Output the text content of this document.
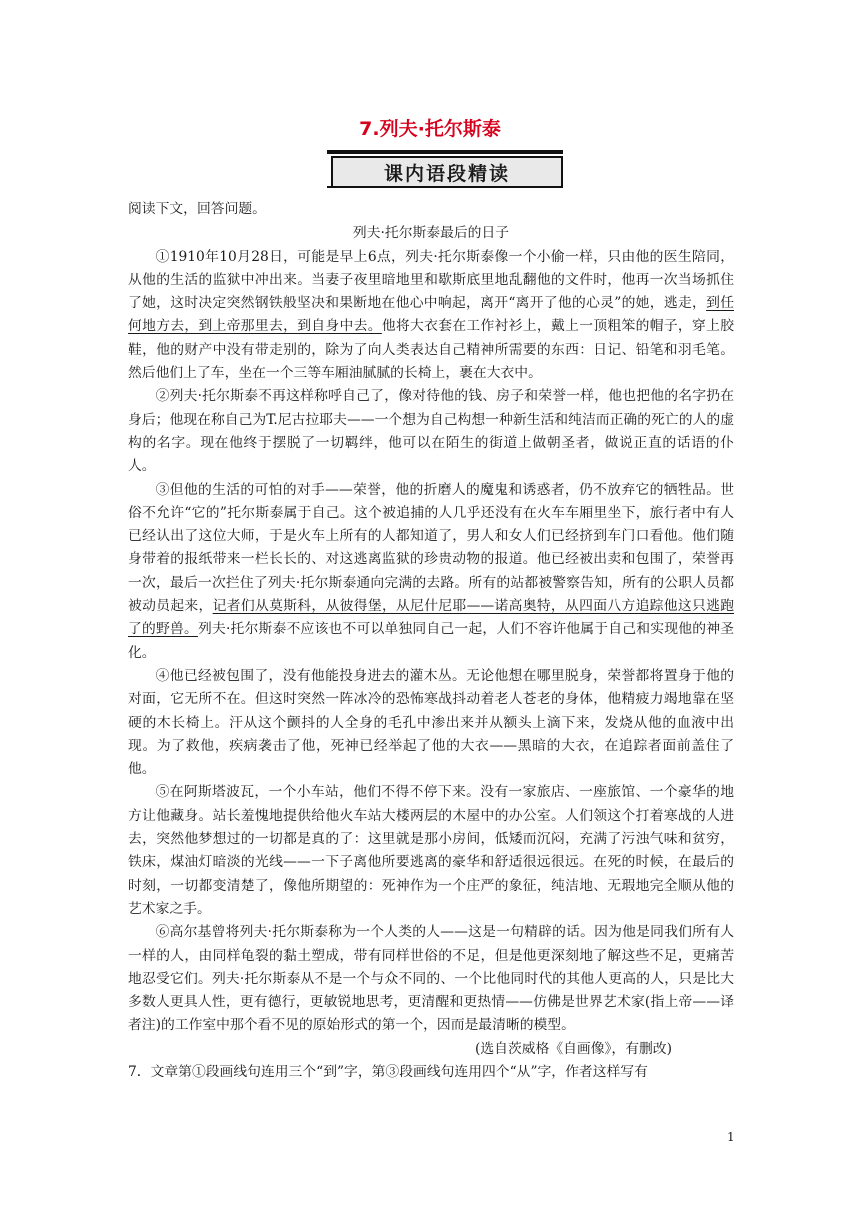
7.列夫·托尔斯泰
课内语段精读

阅读下文，回答问题。

列夫·托尔斯泰最后的日子

①1910年10月28日，可能是早上6点，列夫·托尔斯泰像一个小偷一样，只由他的医生陪同，从他的生活的监狱中冲出来。当妻子夜里暗地里和歇斯底里地乱翻他的文件时，他再一次当场抓住了她，这时决定突然钢铁般坚决和果断地在他心中响起，离开“离开了他的心灵”的她，逃走，到任何地方去，到上帝那里去，到自身中去。他将大衣套在工作衬衫上，戴上一顶粗笨的帽子，穿上胶鞋，他的财产中没有带走别的，除为了向人类表达自己精神所需要的东西：日记、铅笔和羽毛笔。然后他们上了车，坐在一个三等车厢油腻腻的长椅上，裹在大衣中。

②列夫·托尔斯泰不再这样称呼自己了，像对待他的钱、房子和荣誉一样，他也把他的名字扔在身后；他现在称自己为T.尼古拉耶夫——一个想为自己构想一种新生活和纯洁而正确的死亡的人的虚构的名字。现在他终于摆脱了一切羁绊，他可以在陌生的街道上做朝圣者，做说正直的话语的仆人。

③但他的生活的可怕的对手——荣誉，他的折磨人的魔鬼和诱惑者，仍不放弃它的牺牲品。世俗不允许“它的”托尔斯泰属于自己。这个被追捕的人几乎还没有在火车车厢里坐下，旅行者中有人已经认出了这位大师，于是火车上所有的人都知道了，男人和女人们已经挤到车门口看他。他们随身带着的报纸带来一栏长长的、对这逃离监狱的珍贵动物的报道。他已经被出卖和包围了，荣誉再一次，最后一次拦住了列夫·托尔斯泰通向完满的去路。所有的站都被警察告知，所有的公职人员都被动员起来，记者们从莫斯科，从彼得堡，从尼什尼耶——诺高奥特，从四面八方追踪他这只逃跑了的野兽。列夫·托尔斯泰不应该也不可以单独同自己一起，人们不容许他属于自己和实现他的神圣化。

④他已经被包围了，没有他能投身进去的灌木丛。无论他想在哪里脱身，荣誉都将置身于他的对面，它无所不在。但这时突然一阵冰冷的恐怖寒战抖动着老人苍老的身体，他精疲力竭地靠在坚硬的木长椅上。汗从这个颤抖的人全身的毛孔中渗出来并从额头上滴下来，发烧从他的血液中出现。为了救他，疾病袭击了他，死神已经举起了他的大衣——黑暗的大衣，在追踪者面前盖住了他。

⑤在阿斯塔波瓦，一个小车站，他们不得不停下来。没有一家旅店、一座旅馆、一个豪华的地方让他藏身。站长羞愧地提供给他火车站大楼两层的木屋中的办公室。人们领这个打着寒战的人进去，突然他梦想过的一切都是真的了：这里就是那小房间，低矮而沉闷，充满了污浊气味和贫穷，铁床，煤油灯暗淡的光线——一下子离他所要逃离的豪华和舒适很远很远。在死的时候，在最后的时刻，一切都变清楚了，像他所期望的：死神作为一个庄严的象征，纯洁地、无瑕地完全顺从他的艺术家之手。

⑥高尔基曾将列夫·托尔斯泰称为一个人类的人——这是一句精辟的话。因为他是同我们所有人一样的人，由同样龟裂的黏土塑成，带有同样世俗的不足，但是他更深刻地了解这些不足，更痛苦地忍受它们。列夫·托尔斯泰从不是一个与众不同的、一个比他同时代的其他人更高的人，只是比大多数人更具人性，更有德行，更敏锐地思考，更清醒和更热情——仿佛是世界艺术家(指上帝——译者注)的工作室中那个看不见的原始形式的第一个，因而是最清晰的模型。

(选自茨威格《自画像》，有删改)

7．文章第①段画线句连用三个“到”字，第③段画线句连用四个“从”字，作者这样写有

1
